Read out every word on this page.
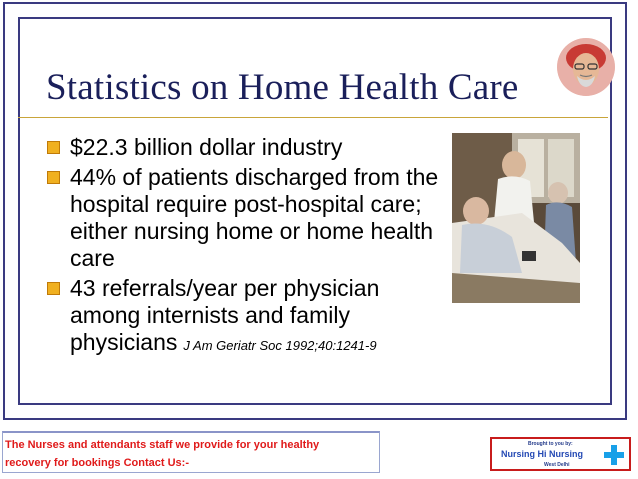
Statistics on Home Health Care
$22.3 billion dollar industry
44% of patients discharged from the hospital require post-hospital care; either nursing home or home health care
43 referrals/year per physician among internists and family physicians J Am Geriatr Soc 1992;40:1241-9
The Nurses and attendants staff we provide for your healthy
recovery for bookings Contact Us:-
Brought to you by:
Nursing Hi Nursing
West Delhi
